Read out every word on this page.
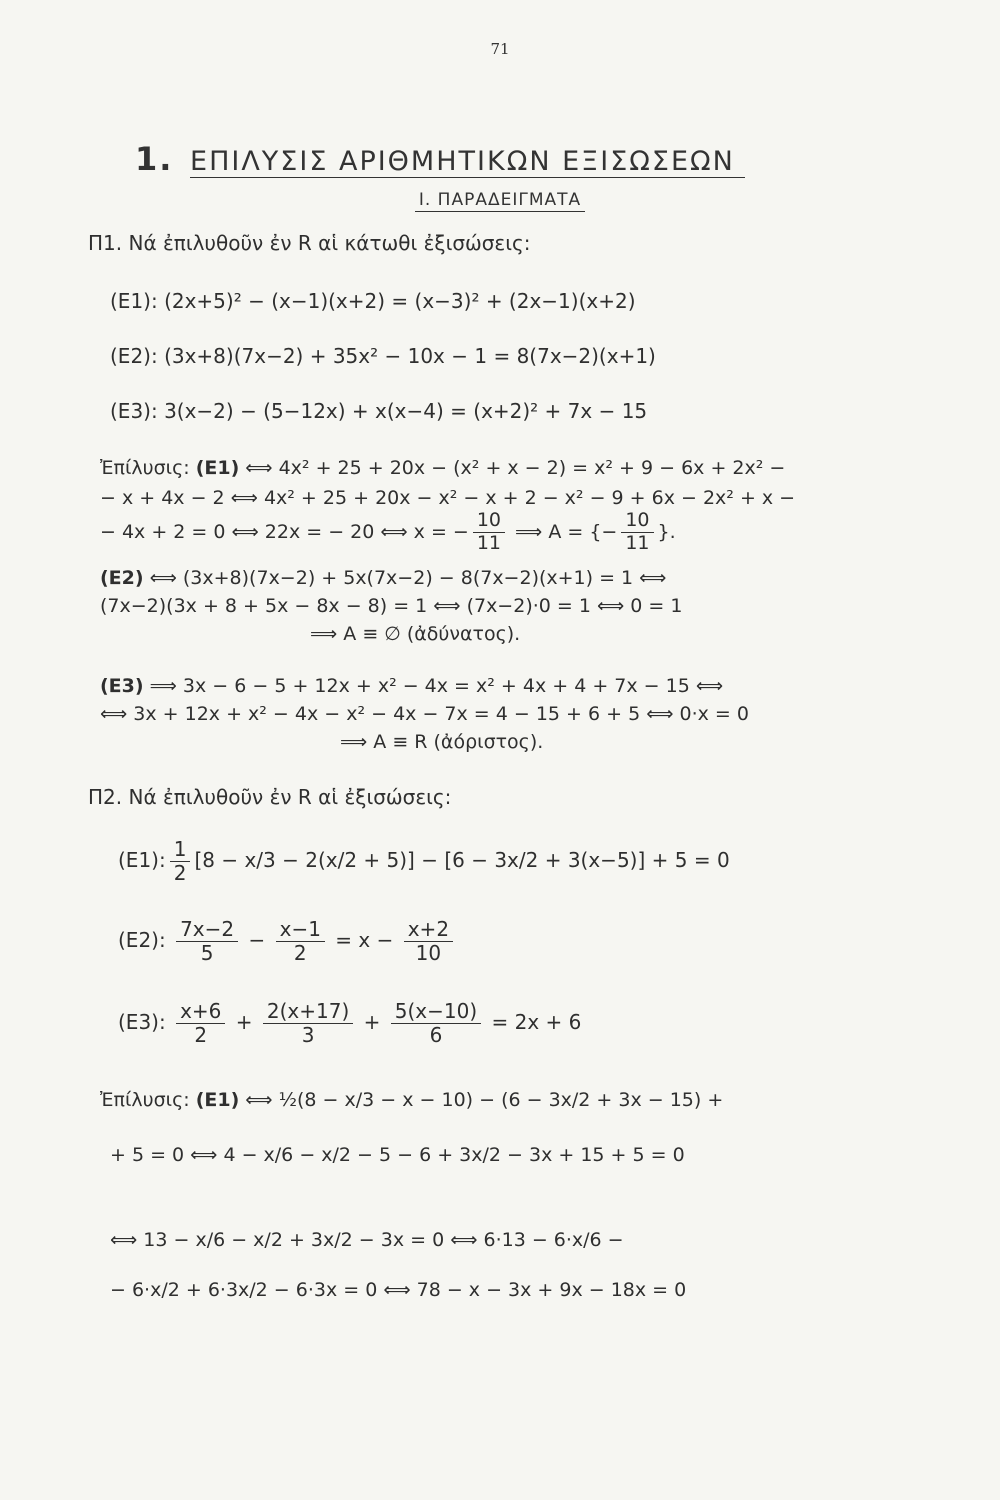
71
1. ΕΠΙΛΥΣΙΣ ΑΡΙΘΜΗΤΙΚΩΝ ΕΞΙΣΩΣΕΩΝ
Ι. ΠΑΡΑΔΕΙΓΜΑΤΑ
Π1. Νά ἐπιλυθοῦν ἐν R αἱ κάτωθι ἐξισώσεις:
(Ε1): (2x+5)² − (x−1)(x+2) = (x−3)² + (2x−1)(x+2)
(Ε2): (3x+8)(7x−2) + 35x² − 10x − 1 = 8(7x−2)(x+1)
(Ε3): 3(x−2) − (5−12x) + x(x−4) = (x+2)² + 7x − 15
Ἐπίλυσις: (Ε1) ⟺ 4x² + 25 + 20x − (x² + x − 2) = x² + 9 − 6x + 2x² −
− x + 4x − 2 ⟺ 4x² + 25 + 20x − x² − x + 2 − x² − 9 + 6x − 2x² + x −
− 4x + 2 = 0 ⟺ 22x = − 20 ⟺ x = − $\frac{10}{11}$ ⟹ A = {− $\frac{10}{11}$ }.
(Ε2) ⟺ (3x+8)(7x−2) + 5x(7x−2) − 8(7x−2)(x+1) = 1 ⟺
(7x−2)(3x + 8 + 5x − 8x − 8) = 1 ⟺ (7x−2)·0 = 1 ⟺ 0 = 1
⟹ A ≡ ∅ (ἀδύνατος).
(Ε3) ⟹ 3x − 6 − 5 + 12x + x² − 4x = x² + 4x + 4 + 7x − 15 ⟺
⟺ 3x + 12x + x² − 4x − x² − 4x − 7x = 4 − 15 + 6 + 5 ⟺ 0·x = 0
⟹ A ≡ R (ἀόριστος).
Π2. Νά ἐπιλυθοῦν ἐν R αἱ ἐξισώσεις:
(Ε1): $\frac{1}{2} [8 - x/3 - 2(x/2 + 5)] - [6 - 3x/2 + 3(x-5)] + 5 = 0$
(Ε2): $\frac{7x-2}{5} - \frac{x-1}{2} = x - \frac{x+2}{10}$
(Ε3): $\frac{x+6}{2} + \frac{2(x+17)}{3} + \frac{5(x-10)}{6} = 2x + 6$
Ἐπίλυσις: (Ε1) ⟺ ½(8 − x/3 − x − 10) − (6 − 3x/2 + 3x − 15) +
+ 5 = 0 ⟺ 4 − x/6 − x/2 − 5 − 6 + 3x/2 − 3x + 15 + 5 = 0
⟺ 13 − x/6 − x/2 + 3x/2 − 3x = 0 ⟺ 6·13 − 6·x/6 −
− 6·x/2 + 6·3x/2 − 6·3x = 0 ⟺ 78 − x − 3x + 9x − 18x = 0
